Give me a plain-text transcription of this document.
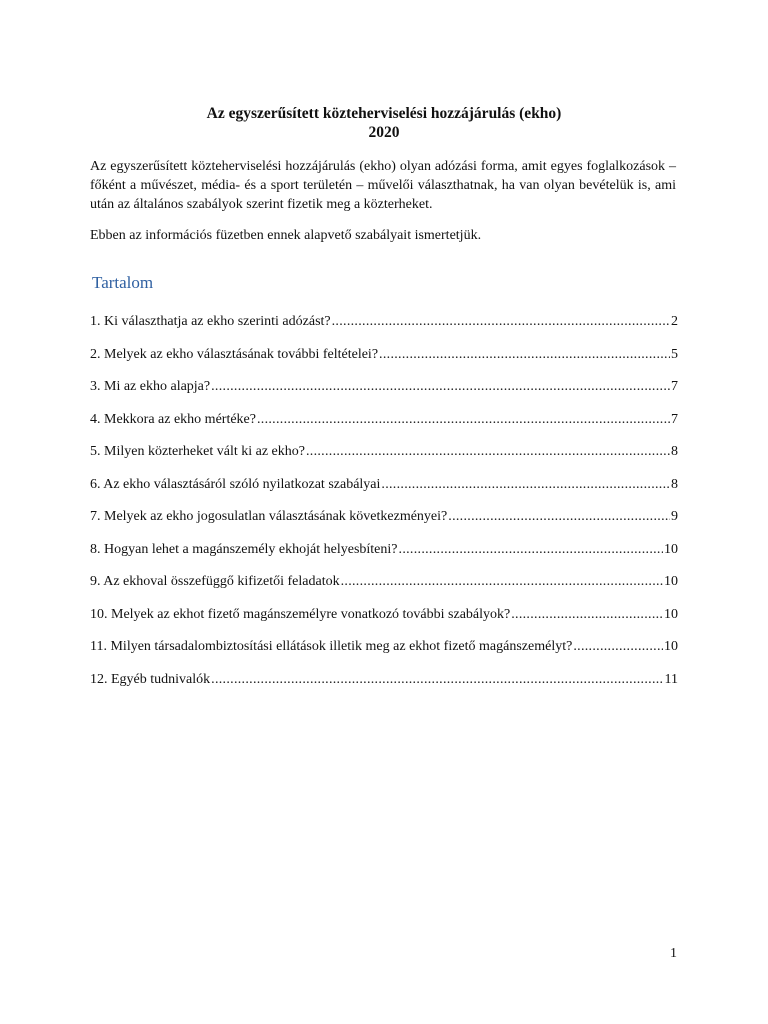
Az egyszerűsített közteherviselési hozzájárulás (ekho)
2020

Az egyszerűsített közteherviselési hozzájárulás (ekho) olyan adózási forma, amit egyes foglalkozások – főként a művészet, média- és a sport területén – művelői választhatnak, ha van olyan bevételük is, ami után az általános szabályok szerint fizetik meg a közterheket.

Ebben az információs füzetben ennek alapvető szabályait ismertetjük.

Tartalom
1. Ki választhatja az ekho szerinti adózást? .....	2
2. Melyek az ekho választásának további feltételei? .....	5
3. Mi az ekho alapja? .....	7
4. Mekkora az ekho mértéke? .....	7
5. Milyen közterheket vált ki az ekho? .....	8
6. Az ekho választásáról szóló nyilatkozat szabályai .....	8
7. Melyek az ekho jogosulatlan választásának következményei? .....	9
8. Hogyan lehet a magánszemély ekhoját helyesbíteni? .....	10
9. Az ekhoval összefüggő kifizetői feladatok .....	10
10. Melyek az ekhot fizető magánszemélyre vonatkozó további szabályok? .....	10
11. Milyen társadalombiztosítási ellátások illetik meg az ekhot fizető magánszemélyt? .....	10
12. Egyéb tudnivalók .....	11
1
